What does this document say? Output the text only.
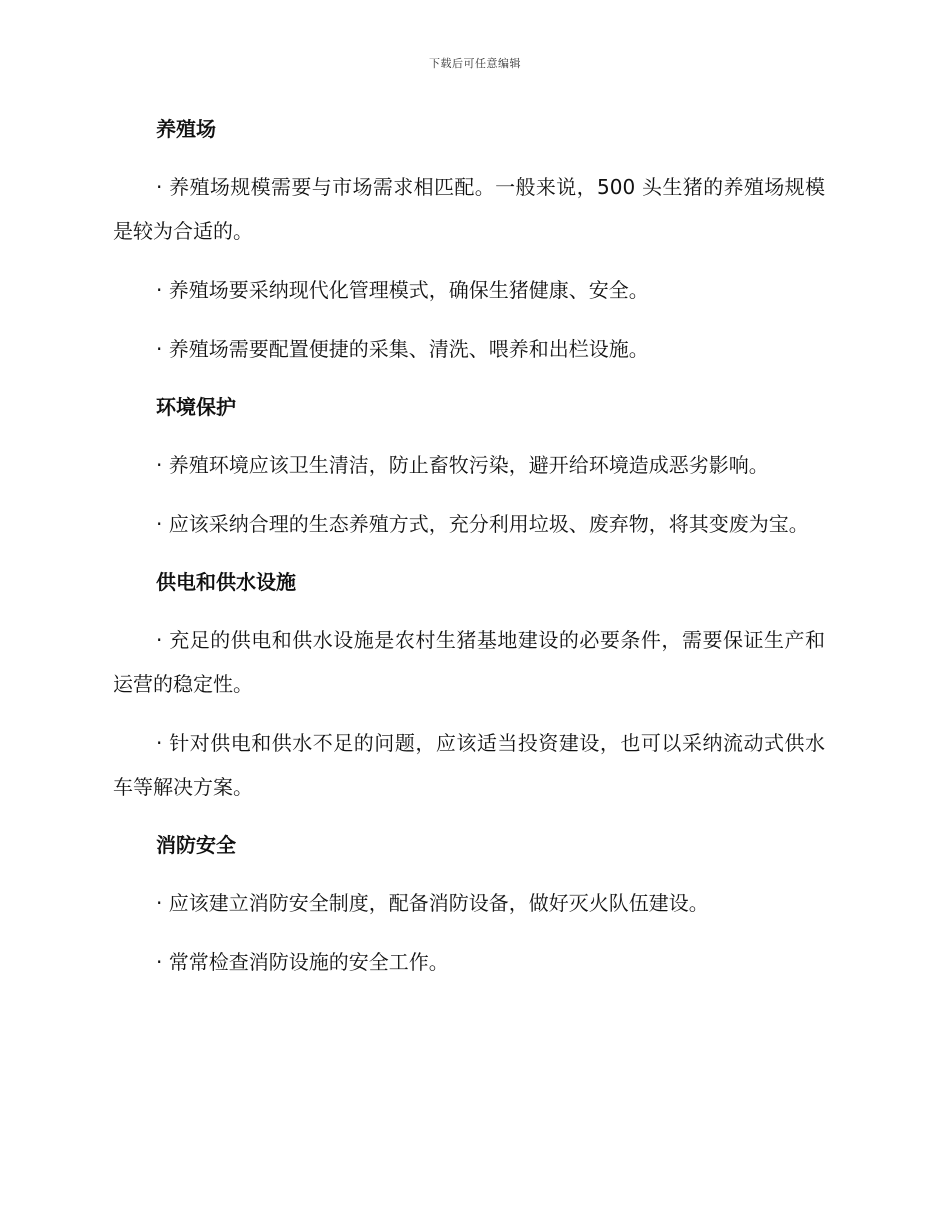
下载后可任意编辑
养殖场

· 养殖场规模需要与市场需求相匹配。一般来说，500 头生猪的养殖场规模是较为合适的。

· 养殖场要采纳现代化管理模式，确保生猪健康、安全。

· 养殖场需要配置便捷的采集、清洗、喂养和出栏设施。

环境保护

· 养殖环境应该卫生清洁，防止畜牧污染，避开给环境造成恶劣影响。

· 应该采纳合理的生态养殖方式，充分利用垃圾、废弃物，将其变废为宝。

供电和供水设施

· 充足的供电和供水设施是农村生猪基地建设的必要条件，需要保证生产和运营的稳定性。

· 针对供电和供水不足的问题，应该适当投资建设，也可以采纳流动式供水车等解决方案。

消防安全

· 应该建立消防安全制度，配备消防设备，做好灭火队伍建设。

· 常常检查消防设施的安全工作。
